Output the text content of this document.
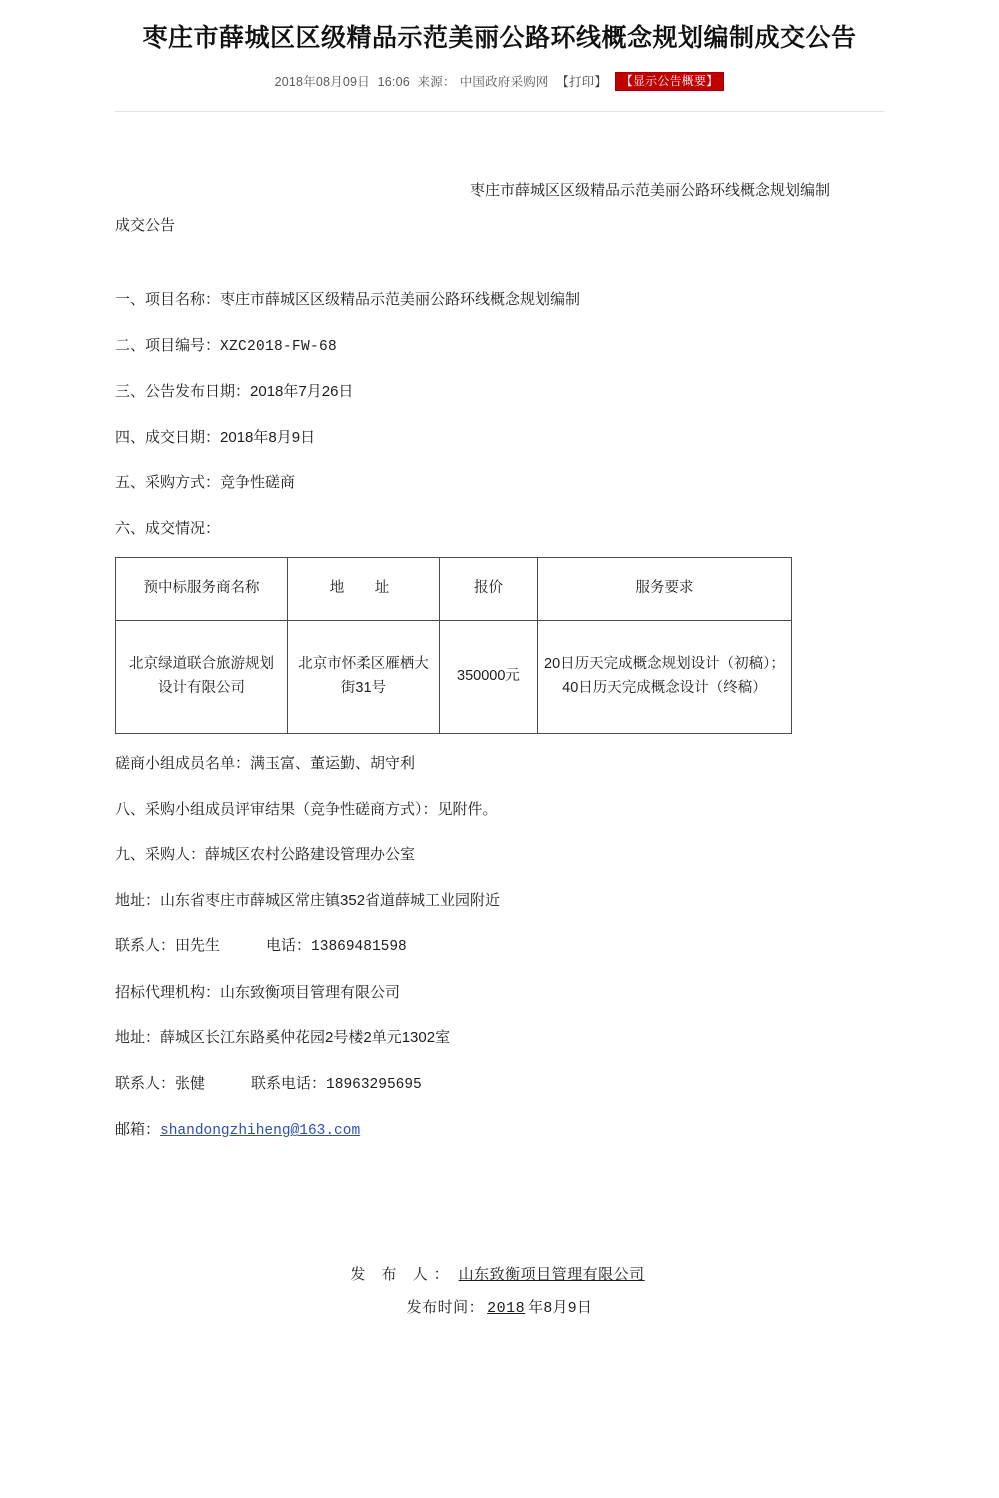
枣庄市薛城区区级精品示范美丽公路环线概念规划编制成交公告
2018年08月09日 16:06 来源： 中国政府采购网 【打印】 【显示公告概要】
枣庄市薛城区区级精品示范美丽公路环线概念规划编制
成交公告
一、项目名称：枣庄市薛城区区级精品示范美丽公路环线概念规划编制
二、项目编号：XZC2018-FW-68
三、公告发布日期：2018年7月26日
四、成交日期：2018年8月9日
五、采购方式：竞争性磋商
六、成交情况：
预中标服务商名称	地　址	报价	服务要求
北京绿道联合旅游规划设计有限公司	北京市怀柔区雁栖大街31号	350000元	20日历天完成概念规划设计（初稿）；40日历天完成概念设计（终稿）
磋商小组成员名单：满玉富、董运勤、胡守利
八、采购小组成员评审结果（竞争性磋商方式）：见附件。
九、采购人：薛城区农村公路建设管理办公室
地址：山东省枣庄市薛城区常庄镇352省道薛城工业园附近
联系人：田先生	电话：13869481598
招标代理机构：山东致衡项目管理有限公司
地址：薛城区长江东路奚仲花园2号楼2单元1302室
联系人：张健	联系电话：18963295695
邮箱：shandongzhiheng@163.com
发 布 人： 山东致衡项目管理有限公司
发布时间： 2018 年8月9日
